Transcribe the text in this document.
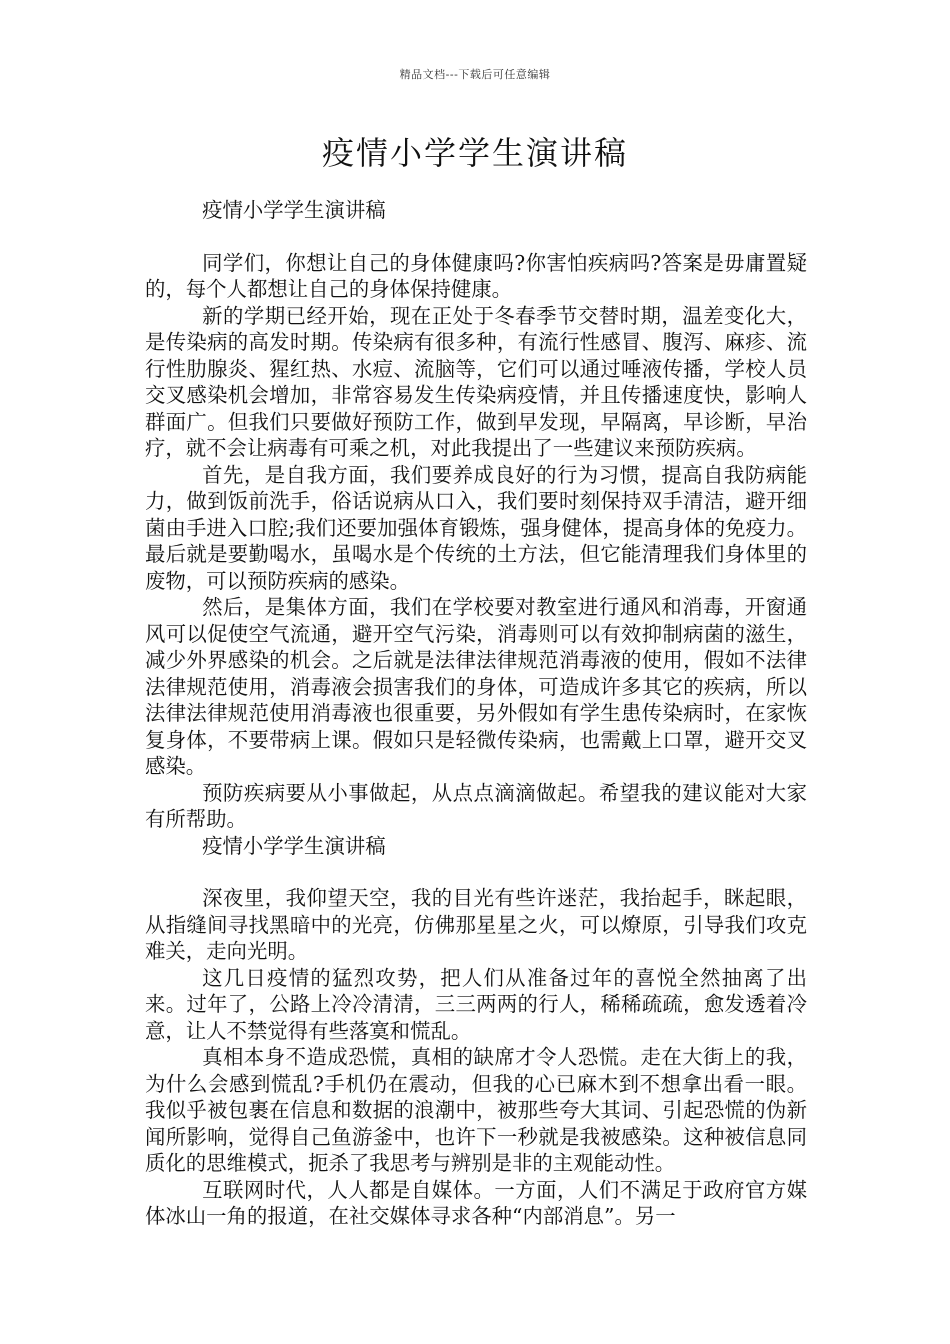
精品文档---下载后可任意编辑
疫情小学学生演讲稿

疫情小学学生演讲稿

同学们，你想让自己的身体健康吗?你害怕疾病吗?答案是毋庸置疑的，每个人都想让自己的身体保持健康。

新的学期已经开始，现在正处于冬春季节交替时期，温差变化大，是传染病的高发时期。传染病有很多种，有流行性感冒、腹泻、麻疹、流行性肋腺炎、猩红热、水痘、流脑等，它们可以通过唾液传播，学校人员交叉感染机会增加，非常容易发生传染病疫情，并且传播速度快，影响人群面广。但我们只要做好预防工作，做到早发现，早隔离，早诊断，早治疗，就不会让病毒有可乘之机，对此我提出了一些建议来预防疾病。

首先，是自我方面，我们要养成良好的行为习惯，提高自我防病能力，做到饭前洗手，俗话说病从口入，我们要时刻保持双手清洁，避开细菌由手进入口腔;我们还要加强体育锻炼，强身健体，提高身体的免疫力。最后就是要勤喝水，虽喝水是个传统的土方法，但它能清理我们身体里的废物，可以预防疾病的感染。

然后，是集体方面，我们在学校要对教室进行通风和消毒，开窗通风可以促使空气流通，避开空气污染，消毒则可以有效抑制病菌的滋生，减少外界感染的机会。之后就是法律法律规范消毒液的使用，假如不法律法律规范使用，消毒液会损害我们的身体，可造成许多其它的疾病，所以法律法律规范使用消毒液也很重要，另外假如有学生患传染病时，在家恢复身体，不要带病上课。假如只是轻微传染病，也需戴上口罩，避开交叉感染。

预防疾病要从小事做起，从点点滴滴做起。希望我的建议能对大家有所帮助。

疫情小学学生演讲稿

深夜里，我仰望天空，我的目光有些许迷茫，我抬起手，眯起眼，从指缝间寻找黑暗中的光亮，仿佛那星星之火，可以燎原，引导我们攻克难关，走向光明。

这几日疫情的猛烈攻势，把人们从准备过年的喜悦全然抽离了出来。过年了，公路上冷冷清清，三三两两的行人，稀稀疏疏，愈发透着冷意，让人不禁觉得有些落寞和慌乱。

真相本身不造成恐慌，真相的缺席才令人恐慌。走在大街上的我，为什么会感到慌乱?手机仍在震动，但我的心已麻木到不想拿出看一眼。我似乎被包裹在信息和数据的浪潮中，被那些夸大其词、引起恐慌的伪新闻所影响，觉得自己鱼游釜中，也许下一秒就是我被感染。这种被信息同质化的思维模式，扼杀了我思考与辨别是非的主观能动性。

互联网时代，人人都是自媒体。一方面，人们不满足于政府官方媒体冰山一角的报道，在社交媒体寻求各种“内部消息”。另一
